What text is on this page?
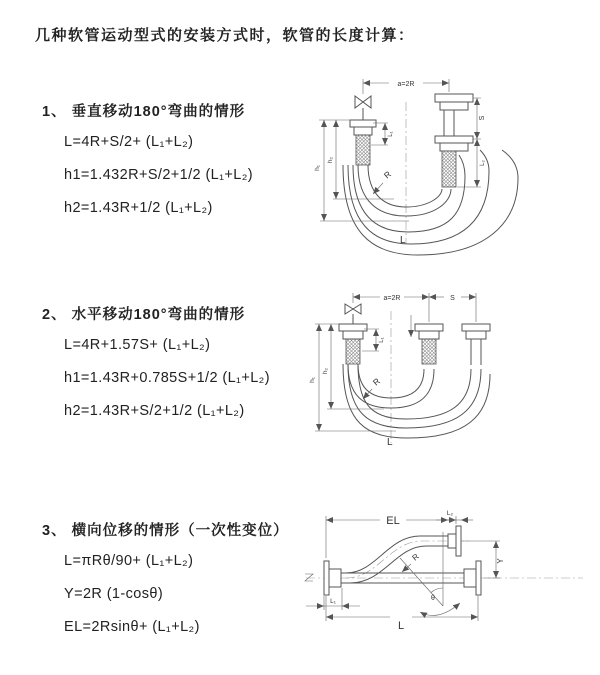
几种软管运动型式的安装方式时，软管的长度计算：
1、 垂直移动180°弯曲的情形
L=4R+S/2+ (L₁+L₂)
h1=1.432R+S/2+1/2 (L₁+L₂)
h2=1.43R+1/2 (L₁+L₂)
2、 水平移动180°弯曲的情形
L=4R+1.57S+ (L₁+L₂)
h1=1.43R+0.785S+1/2 (L₁+L₂)
h2=1.43R+S/2+1/2 (L₁+L₂)
3、 横向位移的情形（一次性变位）
L=πRθ/90+ (L₁+L₂)
Y=2R (1-cosθ)
EL=2Rsinθ+ (L₁+L₂)
a=2R
S
L₂
L₁
h₁
h₂
R
L
a=2R	S
L₁
h₁
h₂
R
L
EL
L₂
L
L₁
Y
θ
R
